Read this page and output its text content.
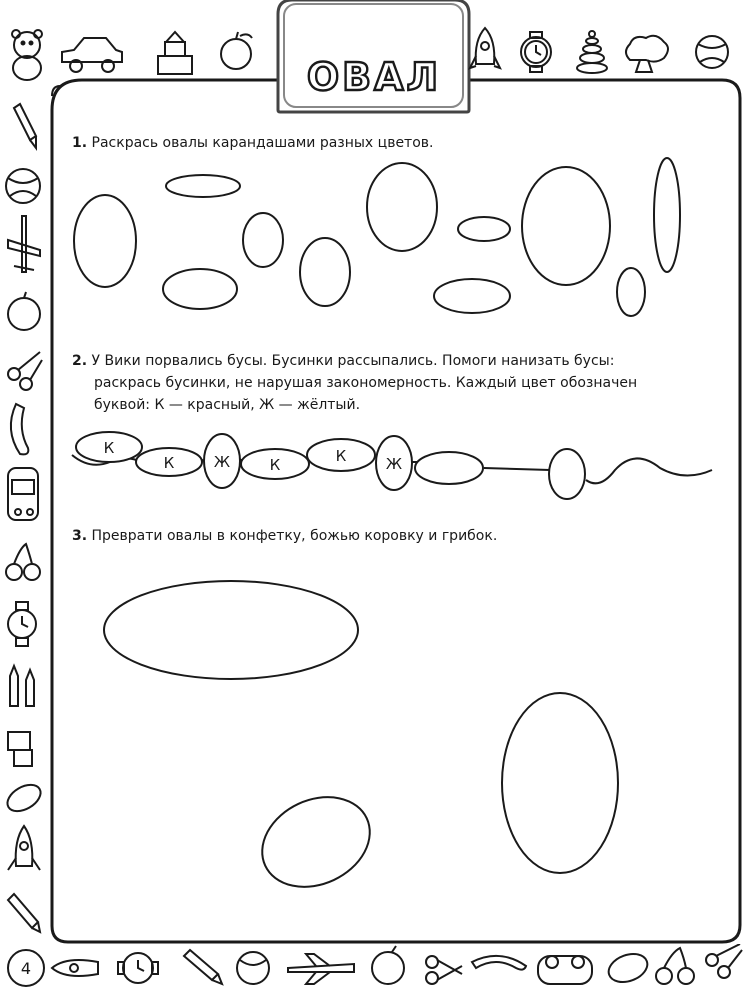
ОВАЛ

1. Раскрась овалы карандашами разных цветов.

2. У Вики порвались бусы. Бусинки рассыпались. Помоги нанизать бусы:
раскрась бусинки, не нарушая закономерность. Каждый цвет обозначен
буквой: К — красный, Ж — жёлтый.
К
К	Ж	К	К	Ж

3. Преврати овалы в конфетку, божью коровку и грибок.

4
